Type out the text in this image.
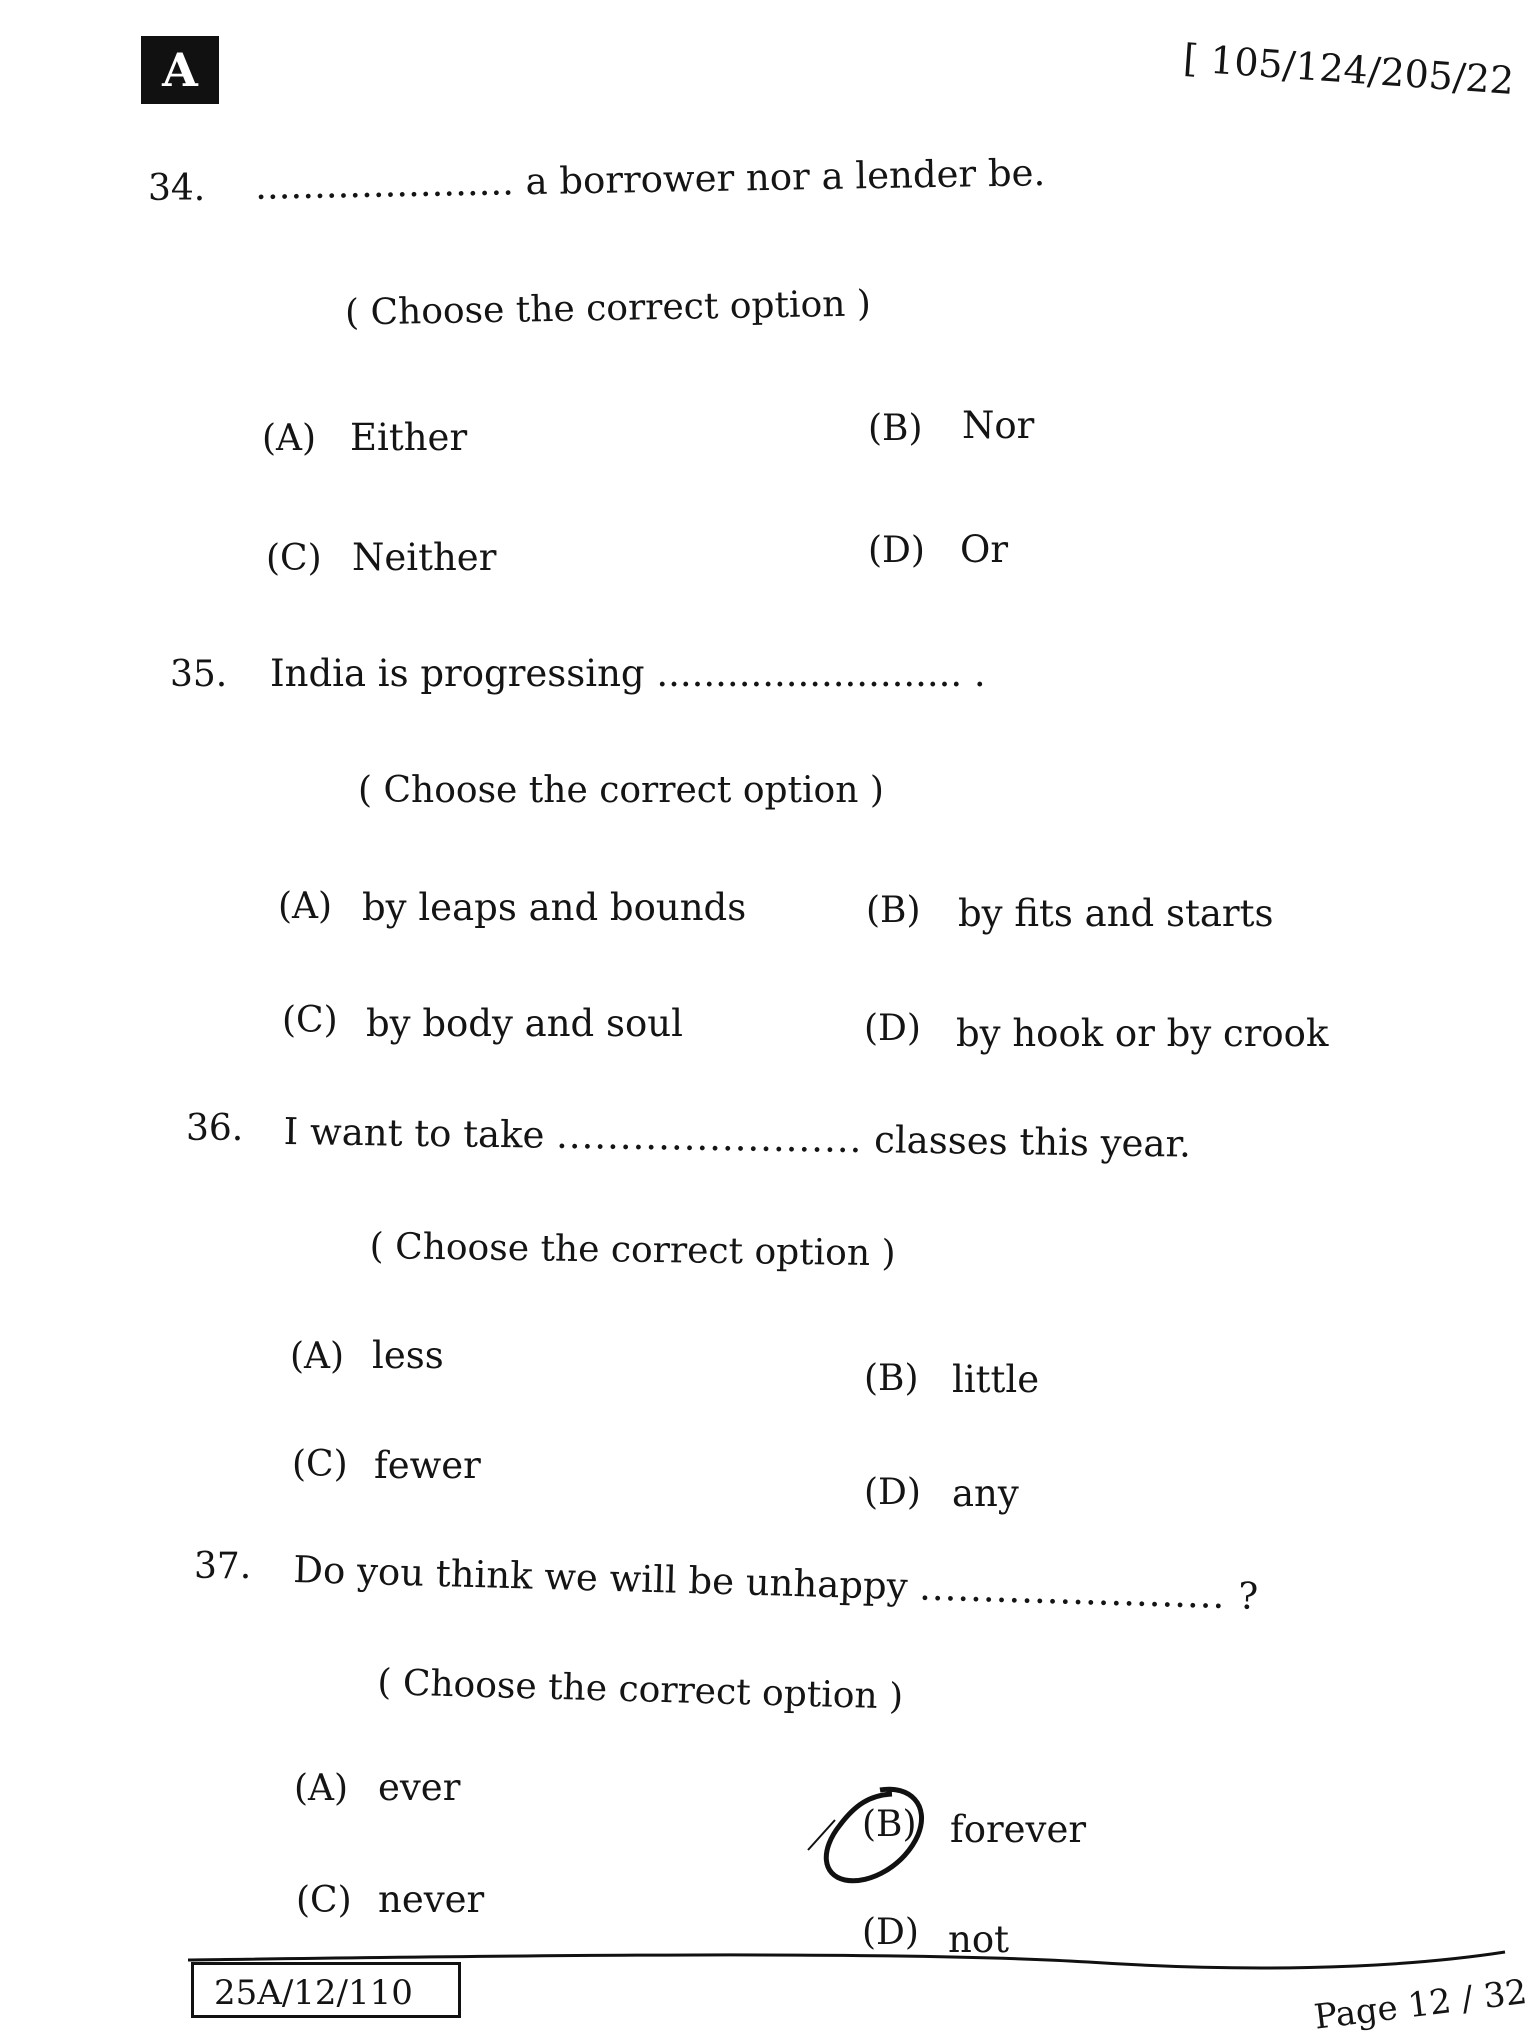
A	[ 105/124/205/22
34. ...................... a borrower nor a lender be.
( Choose the correct option )
(A) Either	(B) Nor
(C) Neither	(D) Or
35. India is progressing .......................... .
( Choose the correct option )
(A) by leaps and bounds	(B) by fits and starts
(C) by body and soul	(D) by hook or by crook
36. I want to take ........................ classes this year.
( Choose the correct option )
(A) less
(B) little
(C) fewer
(D) any
37. Do you think we will be unhappy ........................ ?
( Choose the correct option )
(A) ever
(B) forever
(C) never
(D) not
25A/12/110	Page 12 / 32
